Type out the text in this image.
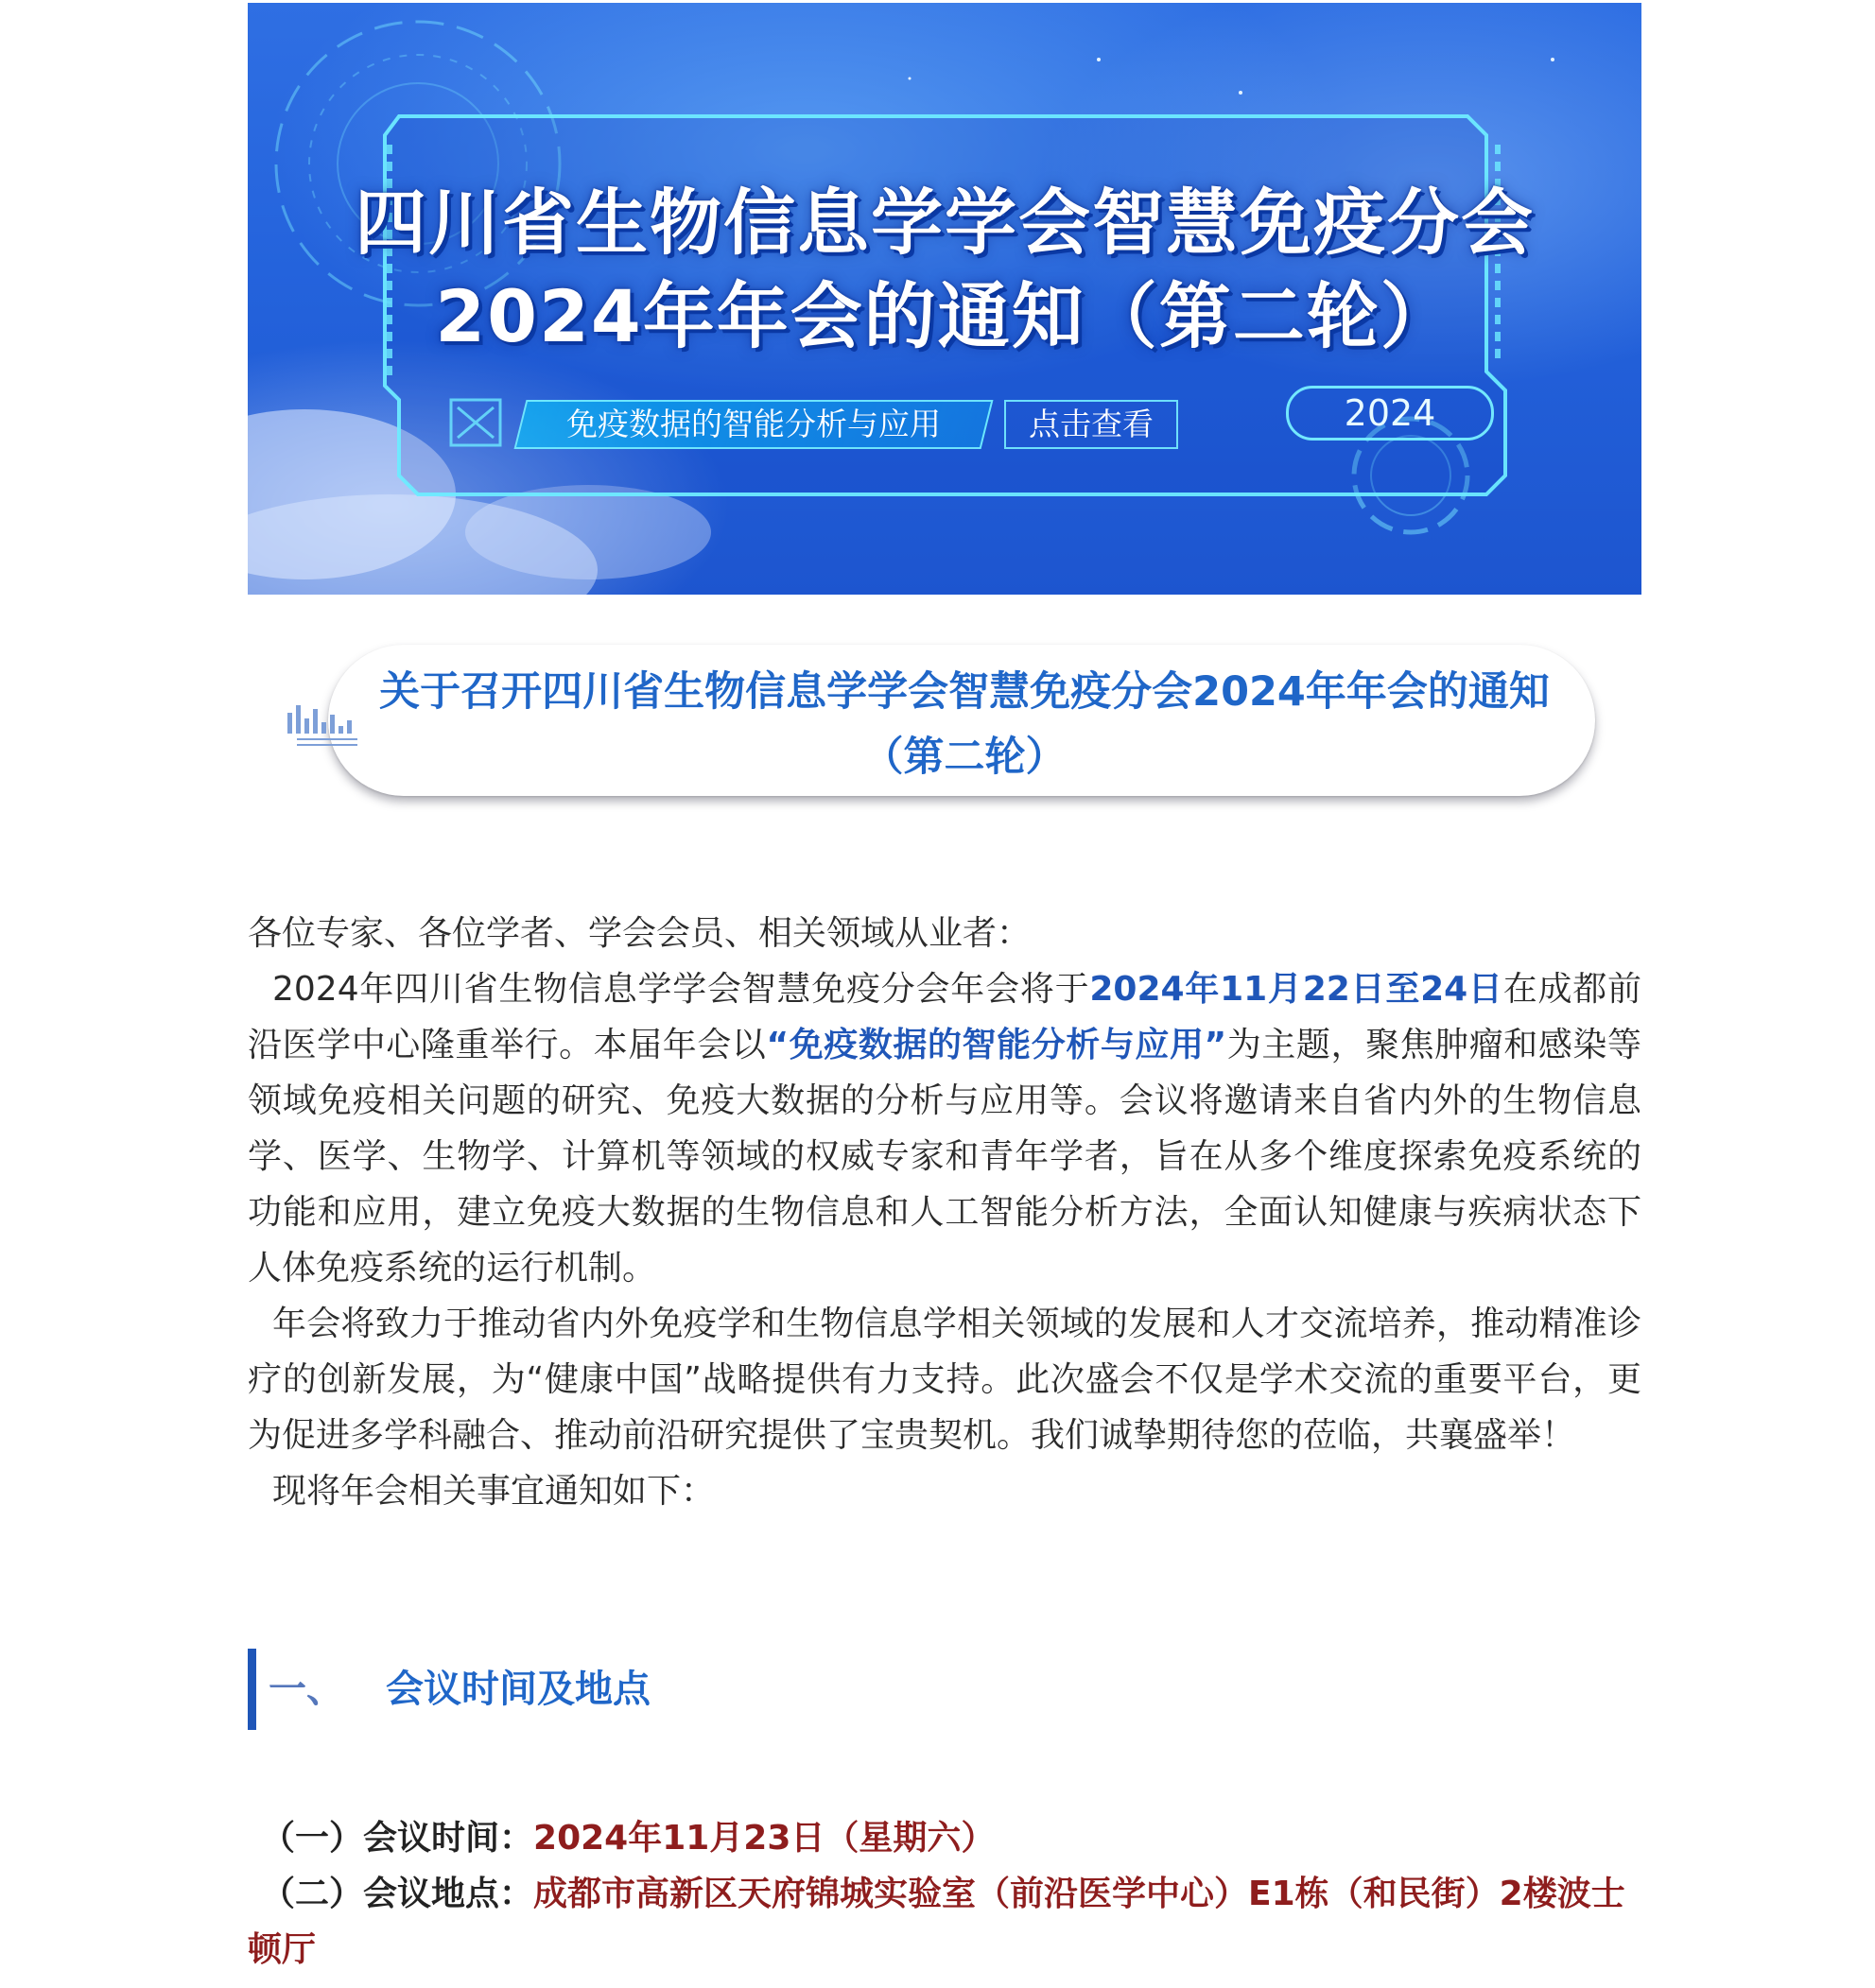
四川省生物信息学学会智慧免疫分会
2024年年会的通知（第二轮）
免疫数据的智能分析与应用	点击查看	2024
关于召开四川省生物信息学学会智慧免疫分会2024年年会的通知（第二轮）

各位专家、各位学者、学会会员、相关领域从业者：

2024年四川省生物信息学学会智慧免疫分会年会将于2024年11月22日至24日在成都前沿医学中心隆重举行。本届年会以“免疫数据的智能分析与应用”为主题，聚焦肿瘤和感染等领域免疫相关问题的研究、免疫大数据的分析与应用等。会议将邀请来自省内外的生物信息学、医学、生物学、计算机等领域的权威专家和青年学者，旨在从多个维度探索免疫系统的功能和应用，建立免疫大数据的生物信息和人工智能分析方法，全面认知健康与疾病状态下人体免疫系统的运行机制。

年会将致力于推动省内外免疫学和生物信息学相关领域的发展和人才交流培养，推动精准诊疗的创新发展，为“健康中国”战略提供有力支持。此次盛会不仅是学术交流的重要平台，更为促进多学科融合、推动前沿研究提供了宝贵契机。我们诚挚期待您的莅临，共襄盛举！

现将年会相关事宜通知如下：

一、 会议时间及地点

（一）会议时间：2024年11月23日（星期六）

（二）会议地点：成都市高新区天府锦城实验室（前沿医学中心）E1栋（和民街）2楼波士顿厅
